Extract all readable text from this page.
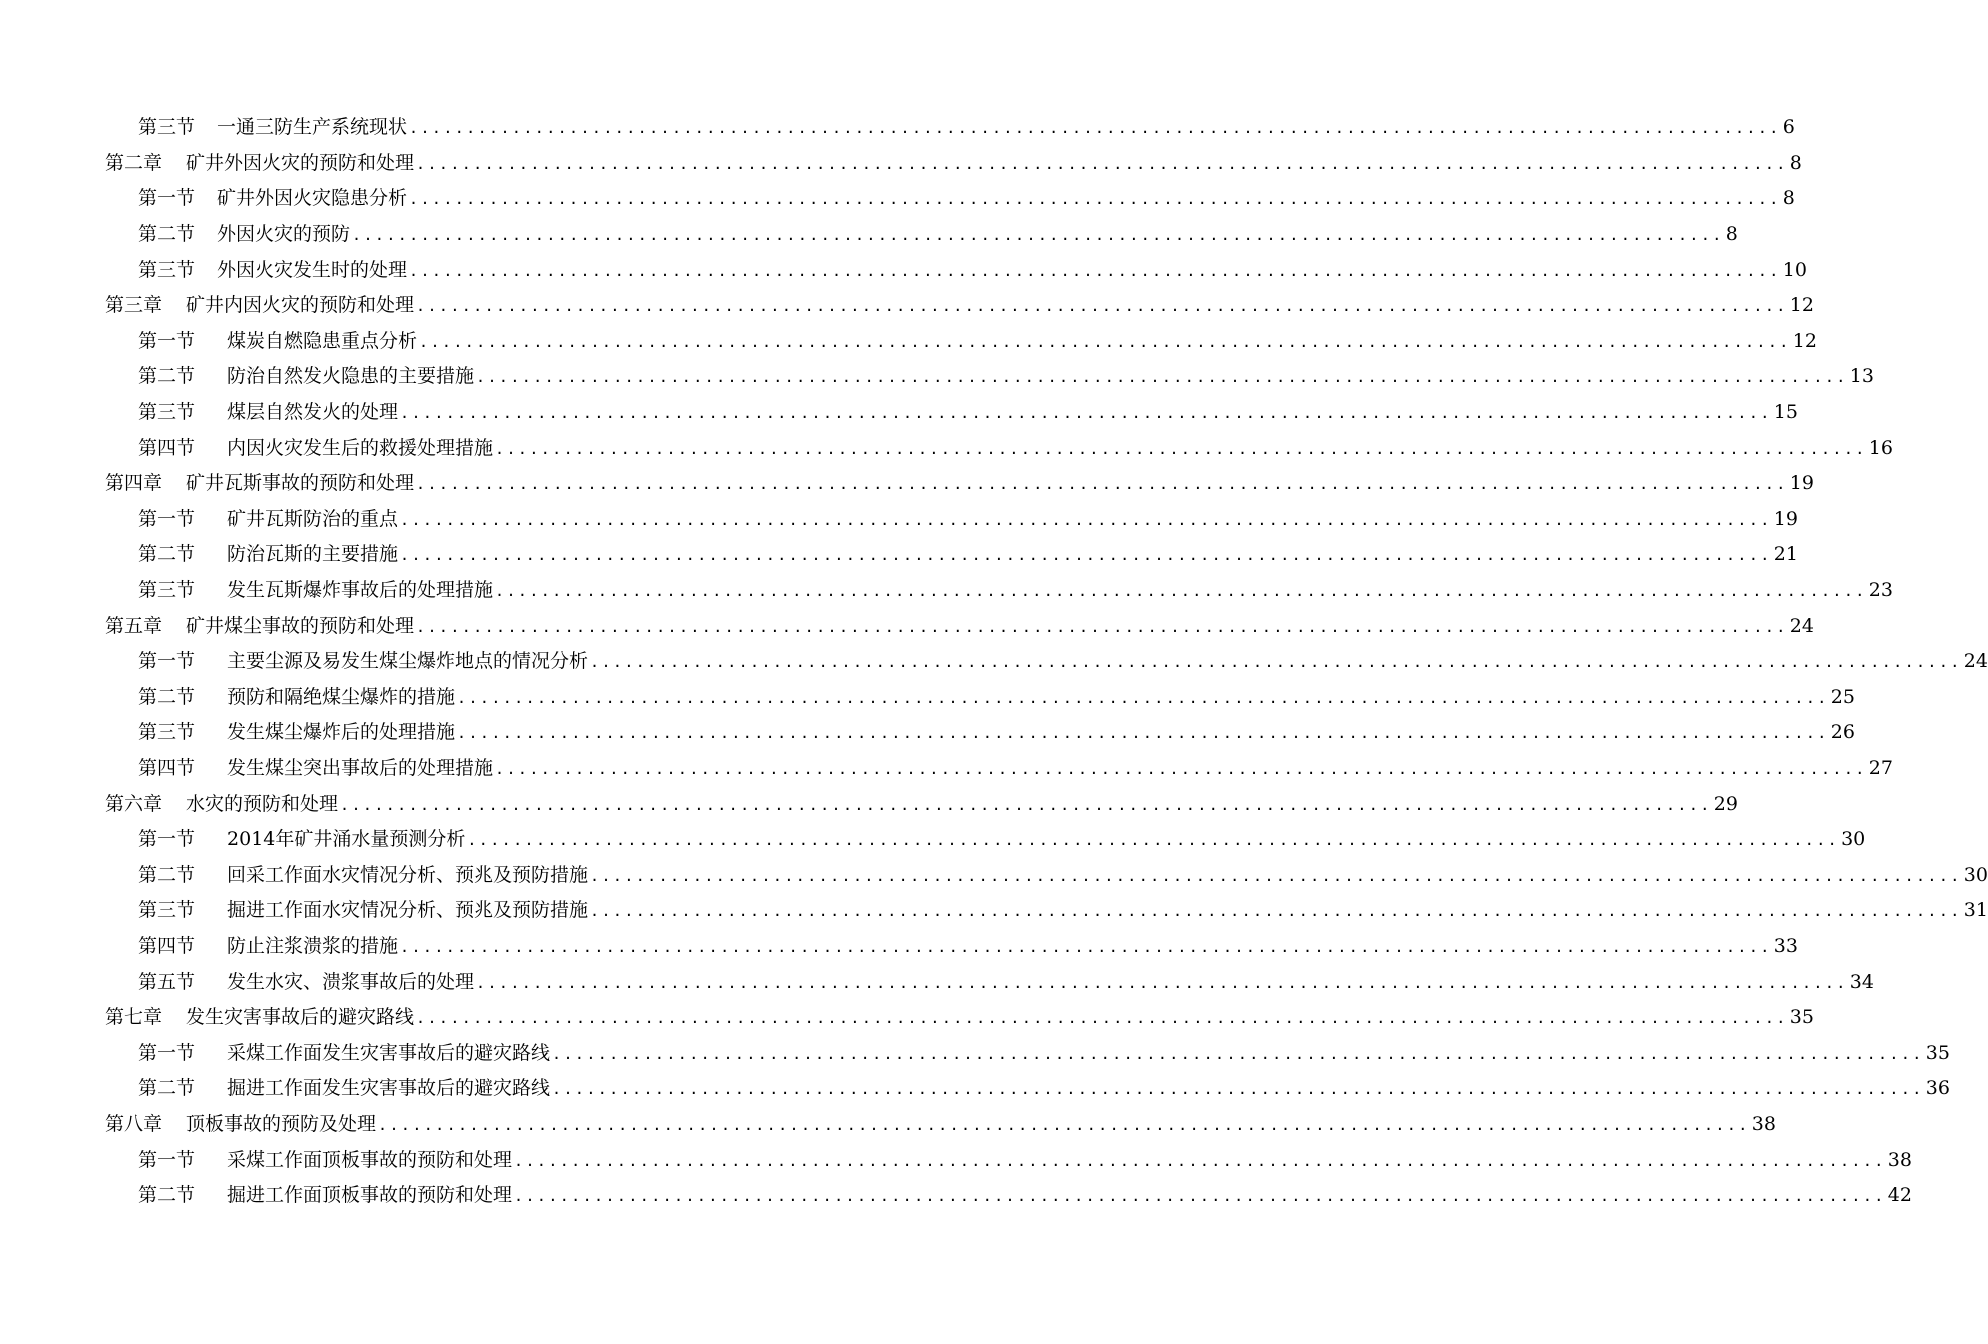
第三节 一通三防生产系统现状 ........................................................................................................................ 6
第二章 矿井外因火灾的预防和处理 ........................................................................................................................ 8
第一节 矿井外因火灾隐患分析 ........................................................................................................................ 8
第二节 外因火灾的预防 ........................................................................................................................ 8
第三节 外因火灾发生时的处理 ........................................................................................................................ 10
第三章 矿井内因火灾的预防和处理 ........................................................................................................................ 12
第一节 煤炭自燃隐患重点分析 ........................................................................................................................ 12
第二节 防治自然发火隐患的主要措施 ........................................................................................................................ 13
第三节 煤层自然发火的处理 ........................................................................................................................ 15
第四节 内因火灾发生后的救援处理措施 ........................................................................................................................ 16
第四章 矿井瓦斯事故的预防和处理 ........................................................................................................................ 19
第一节 矿井瓦斯防治的重点 ........................................................................................................................ 19
第二节 防治瓦斯的主要措施 ........................................................................................................................ 21
第三节 发生瓦斯爆炸事故后的处理措施 ........................................................................................................................ 23
第五章 矿井煤尘事故的预防和处理 ........................................................................................................................ 24
第一节 主要尘源及易发生煤尘爆炸地点的情况分析 ........................................................................................................................ 24
第二节 预防和隔绝煤尘爆炸的措施 ........................................................................................................................ 25
第三节 发生煤尘爆炸后的处理措施 ........................................................................................................................ 26
第四节 发生煤尘突出事故后的处理措施 ........................................................................................................................ 27
第六章 水灾的预防和处理 ........................................................................................................................ 29
第一节 2014年矿井涌水量预测分析 ........................................................................................................................ 30
第二节 回采工作面水灾情况分析、预兆及预防措施 ........................................................................................................................ 30
第三节 掘进工作面水灾情况分析、预兆及预防措施 ........................................................................................................................ 31
第四节 防止注浆溃浆的措施 ........................................................................................................................ 33
第五节 发生水灾、溃浆事故后的处理 ........................................................................................................................ 34
第七章 发生灾害事故后的避灾路线 ........................................................................................................................ 35
第一节 采煤工作面发生灾害事故后的避灾路线 ........................................................................................................................ 35
第二节 掘进工作面发生灾害事故后的避灾路线 ........................................................................................................................ 36
第八章 顶板事故的预防及处理 ........................................................................................................................ 38
第一节 采煤工作面顶板事故的预防和处理 ........................................................................................................................ 38
第二节 掘进工作面顶板事故的预防和处理 ........................................................................................................................ 42
